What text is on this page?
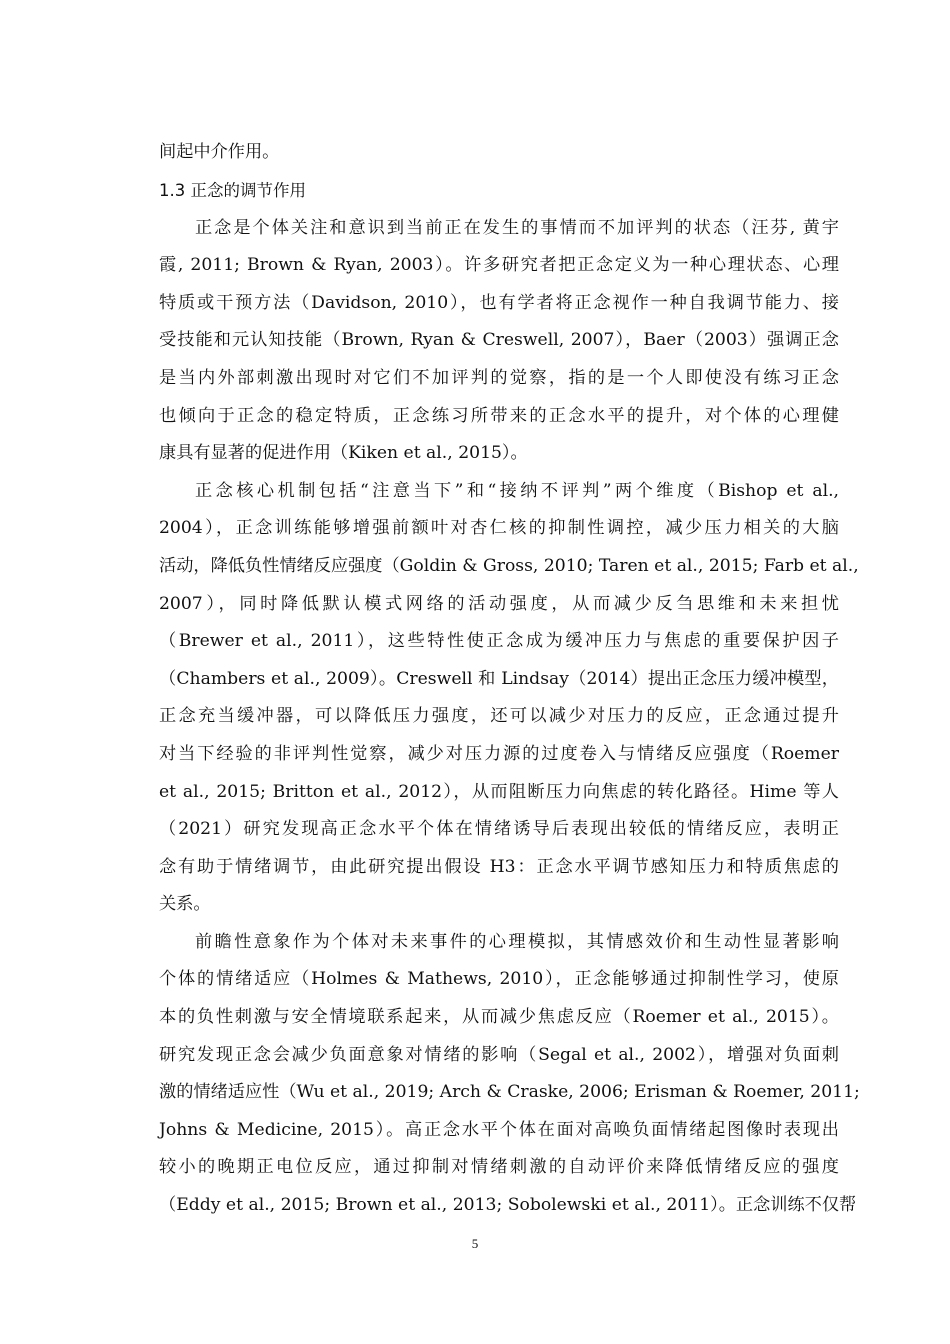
间起中介作用。
1.3 正念的调节作用
正念是个体关注和意识到当前正在发生的事情而不加评判的状态（汪芬, 黄宇
霞, 2011; Brown & Ryan, 2003）。许多研究者把正念定义为一种心理状态、心理
特质或干预方法（Davidson, 2010），也有学者将正念视作一种自我调节能力、接
受技能和元认知技能（Brown, Ryan & Creswell, 2007），Baer（2003）强调正念
是当内外部刺激出现时对它们不加评判的觉察，指的是一个人即使没有练习正念
也倾向于正念的稳定特质，正念练习所带来的正念水平的提升，对个体的心理健
康具有显著的促进作用（Kiken et al., 2015）。
正念核心机制包括“注意当下”和“接纳不评判”两个维度（Bishop et al.,
2004），正念训练能够增强前额叶对杏仁核的抑制性调控，减少压力相关的大脑
活动，降低负性情绪反应强度（Goldin & Gross, 2010; Taren et al., 2015; Farb et al.,
2007），同时降低默认模式网络的活动强度，从而减少反刍思维和未来担忧
（Brewer et al., 2011），这些特性使正念成为缓冲压力与焦虑的重要保护因子
（Chambers et al., 2009）。Creswell 和 Lindsay（2014）提出正念压力缓冲模型，
正念充当缓冲器，可以降低压力强度，还可以减少对压力的反应，正念通过提升
对当下经验的非评判性觉察，减少对压力源的过度卷入与情绪反应强度（Roemer
et al., 2015; Britton et al., 2012），从而阻断压力向焦虑的转化路径。Hime 等人
（2021）研究发现高正念水平个体在情绪诱导后表现出较低的情绪反应，表明正
念有助于情绪调节，由此研究提出假设 H3：正念水平调节感知压力和特质焦虑的
关系。
前瞻性意象作为个体对未来事件的心理模拟，其情感效价和生动性显著影响
个体的情绪适应（Holmes & Mathews, 2010），正念能够通过抑制性学习，使原
本的负性刺激与安全情境联系起来，从而减少焦虑反应（Roemer et al., 2015）。
研究发现正念会减少负面意象对情绪的影响（Segal et al., 2002），增强对负面刺
激的情绪适应性（Wu et al., 2019; Arch & Craske, 2006; Erisman & Roemer, 2011;
Johns & Medicine, 2015）。高正念水平个体在面对高唤负面情绪起图像时表现出
较小的晚期正电位反应，通过抑制对情绪刺激的自动评价来降低情绪反应的强度
（Eddy et al., 2015; Brown et al., 2013; Sobolewski et al., 2011）。正念训练不仅帮
5
